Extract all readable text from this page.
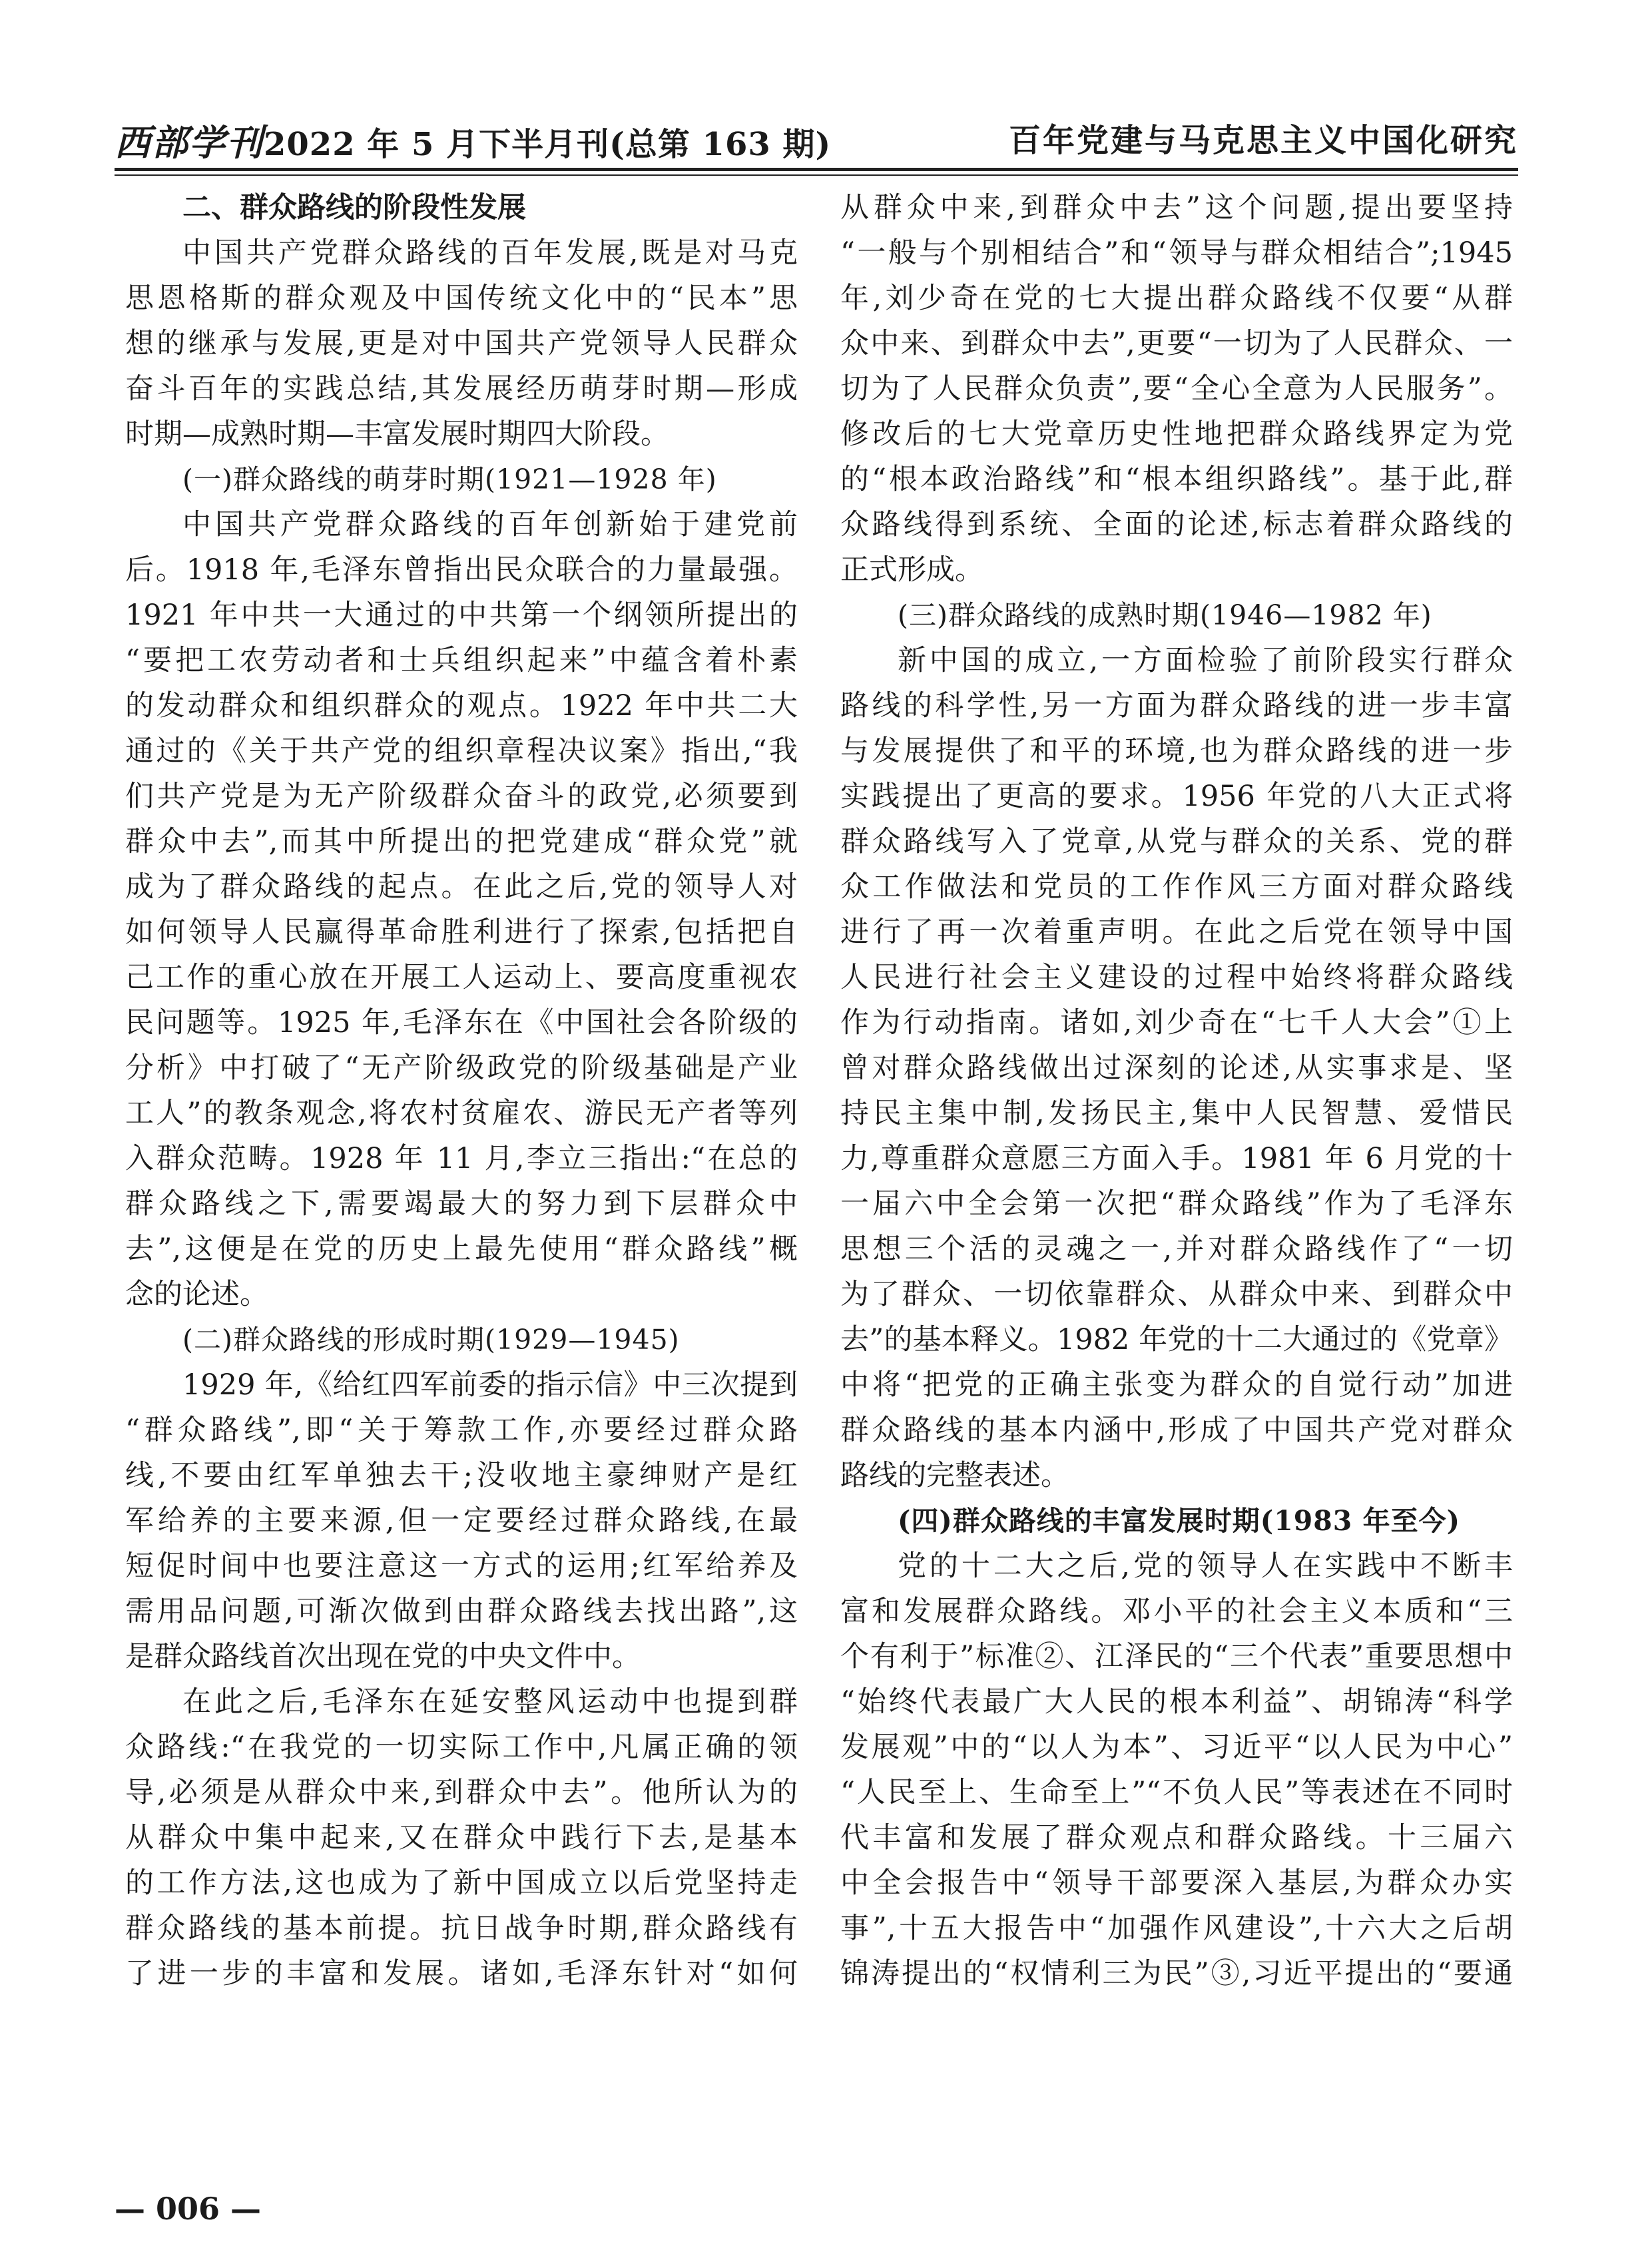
西部学刊2022 年 5 月下半月刊(总第 163 期)	百年党建与马克思主义中国化研究
二、群众路线的阶段性发展
中国共产党群众路线的百年发展,既是对马克
思恩格斯的群众观及中国传统文化中的“民本”思
想的继承与发展,更是对中国共产党领导人民群众
奋斗百年的实践总结,其发展经历萌芽时期—形成
时期—成熟时期—丰富发展时期四大阶段。
(一)群众路线的萌芽时期(1921—1928 年)
中国共产党群众路线的百年创新始于建党前
后。1918 年,毛泽东曾指出民众联合的力量最强。
1921 年中共一大通过的中共第一个纲领所提出的
“要把工农劳动者和士兵组织起来”中蕴含着朴素
的发动群众和组织群众的观点。1922 年中共二大
通过的《关于共产党的组织章程决议案》指出,“我
们共产党是为无产阶级群众奋斗的政党,必须要到
群众中去”,而其中所提出的把党建成“群众党”就
成为了群众路线的起点。在此之后,党的领导人对
如何领导人民赢得革命胜利进行了探索,包括把自
己工作的重心放在开展工人运动上、要高度重视农
民问题等。1925 年,毛泽东在《中国社会各阶级的
分析》中打破了“无产阶级政党的阶级基础是产业
工人”的教条观念,将农村贫雇农、游民无产者等列
入群众范畴。1928 年 11 月,李立三指出:“在总的
群众路线之下,需要竭最大的努力到下层群众中
去”,这便是在党的历史上最先使用“群众路线”概
念的论述。
(二)群众路线的形成时期(1929—1945)
1929 年,《给红四军前委的指示信》中三次提到
“群众路线”,即“关于筹款工作,亦要经过群众路
线,不要由红军单独去干;没收地主豪绅财产是红
军给养的主要来源,但一定要经过群众路线,在最
短促时间中也要注意这一方式的运用;红军给养及
需用品问题,可渐次做到由群众路线去找出路”,这
是群众路线首次出现在党的中央文件中。
在此之后,毛泽东在延安整风运动中也提到群
众路线:“在我党的一切实际工作中,凡属正确的领
导,必须是从群众中来,到群众中去”。他所认为的
从群众中集中起来,又在群众中践行下去,是基本
的工作方法,这也成为了新中国成立以后党坚持走
群众路线的基本前提。抗日战争时期,群众路线有
了进一步的丰富和发展。诸如,毛泽东针对“如何
从群众中来,到群众中去”这个问题,提出要坚持
“一般与个别相结合”和“领导与群众相结合”;1945
年,刘少奇在党的七大提出群众路线不仅要“从群
众中来、到群众中去”,更要“一切为了人民群众、一
切为了人民群众负责”,要“全心全意为人民服务”。
修改后的七大党章历史性地把群众路线界定为党
的“根本政治路线”和“根本组织路线”。基于此,群
众路线得到系统、全面的论述,标志着群众路线的
正式形成。
(三)群众路线的成熟时期(1946—1982 年)
新中国的成立,一方面检验了前阶段实行群众
路线的科学性,另一方面为群众路线的进一步丰富
与发展提供了和平的环境,也为群众路线的进一步
实践提出了更高的要求。1956 年党的八大正式将
群众路线写入了党章,从党与群众的关系、党的群
众工作做法和党员的工作作风三方面对群众路线
进行了再一次着重声明。在此之后党在领导中国
人民进行社会主义建设的过程中始终将群众路线
作为行动指南。诸如,刘少奇在“七千人大会”①上
曾对群众路线做出过深刻的论述,从实事求是、坚
持民主集中制,发扬民主,集中人民智慧、爱惜民
力,尊重群众意愿三方面入手。1981 年 6 月党的十
一届六中全会第一次把“群众路线”作为了毛泽东
思想三个活的灵魂之一,并对群众路线作了“一切
为了群众、一切依靠群众、从群众中来、到群众中
去”的基本释义。1982 年党的十二大通过的《党章》
中将“把党的正确主张变为群众的自觉行动”加进
群众路线的基本内涵中,形成了中国共产党对群众
路线的完整表述。
(四)群众路线的丰富发展时期(1983 年至今)
党的十二大之后,党的领导人在实践中不断丰
富和发展群众路线。邓小平的社会主义本质和“三
个有利于”标准②、江泽民的“三个代表”重要思想中
“始终代表最广大人民的根本利益”、胡锦涛“科学
发展观”中的“以人为本”、习近平“以人民为中心”
“人民至上、生命至上”“不负人民”等表述在不同时
代丰富和发展了群众观点和群众路线。十三届六
中全会报告中“领导干部要深入基层,为群众办实
事”,十五大报告中“加强作风建设”,十六大之后胡
锦涛提出的“权情利三为民”③,习近平提出的“要通
— 006 —
